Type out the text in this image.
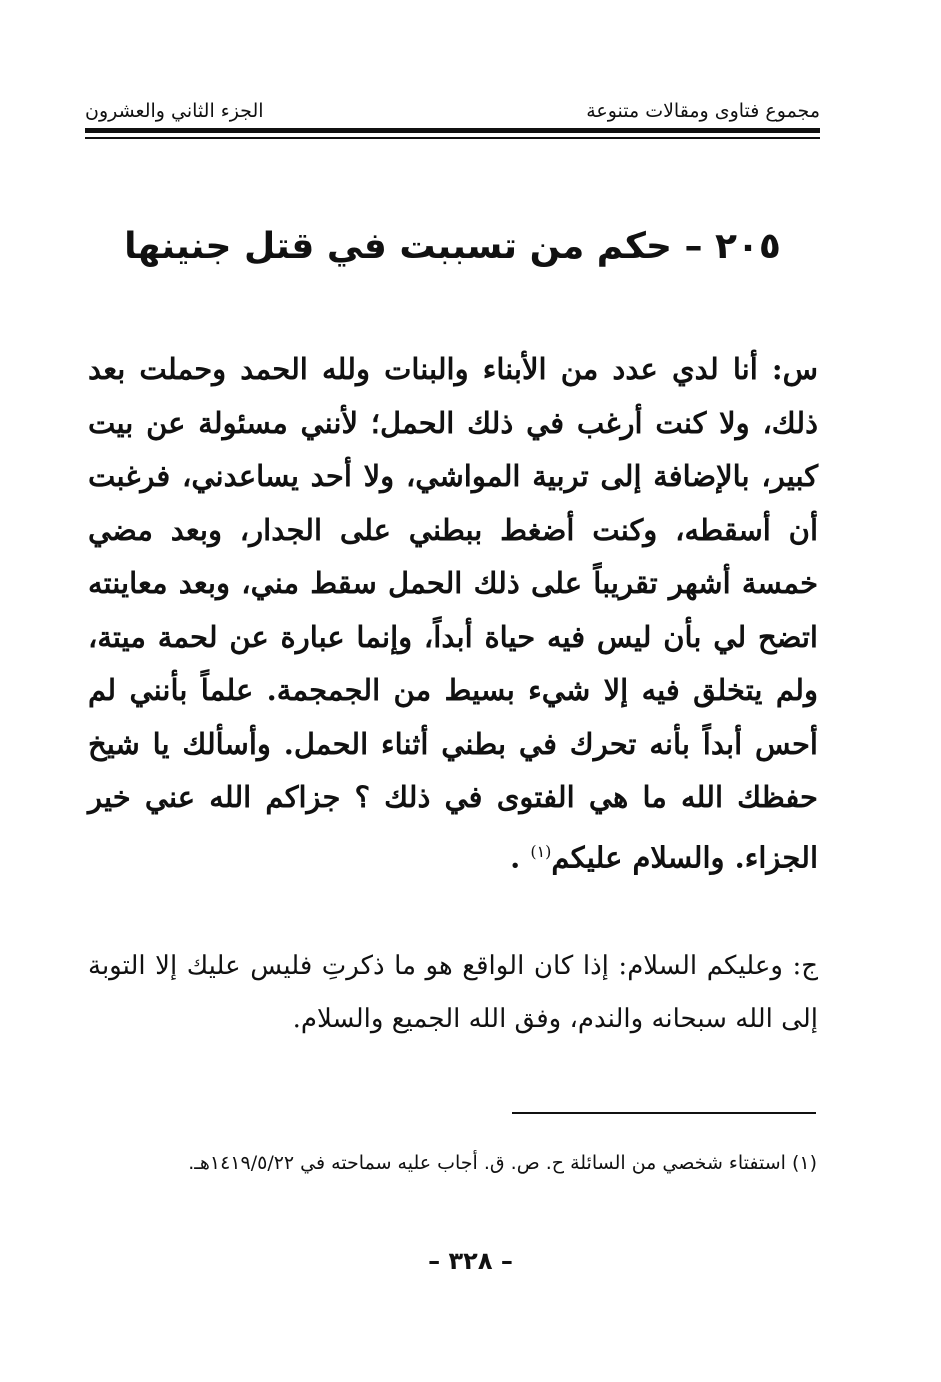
مجموع فتاوى ومقالات متنوعة
الجزء الثاني والعشرون
٢٠٥ – حكم من تسببت في قتل جنينها
س: أنا لدي عدد من الأبناء والبنات ولله الحمد وحملت بعد ذلك، ولا كنت أرغب في ذلك الحمل؛ لأنني مسئولة عن بيت كبير، بالإضافة إلى تربية المواشي، ولا أحد يساعدني، فرغبت أن أسقطه، وكنت أضغط ببطني على الجدار، وبعد مضي خمسة أشهر تقريباً على ذلك الحمل سقط مني، وبعد معاينته اتضح لي بأن ليس فيه حياة أبداً، وإنما عبارة عن لحمة ميتة، ولم يتخلق فيه إلا شيء بسيط من الجمجمة. علماً بأنني لم أحس أبداً بأنه تحرك في بطني أثناء الحمل. وأسألك يا شيخ حفظك الله ما هي الفتوى في ذلك ؟ جزاكم الله عني خير الجزاء. والسلام عليكم$^{(١)}$ .
ج: وعليكم السلام: إذا كان الواقع هو ما ذكرتِ فليس عليك إلا التوبة إلى الله سبحانه والندم، وفق الله الجميع والسلام.
(١) استفتاء شخصي من السائلة ح. ص. ق. أجاب عليه سماحته في ١٤١٩/٥/٢٢هـ.
– ٣٢٨ –
